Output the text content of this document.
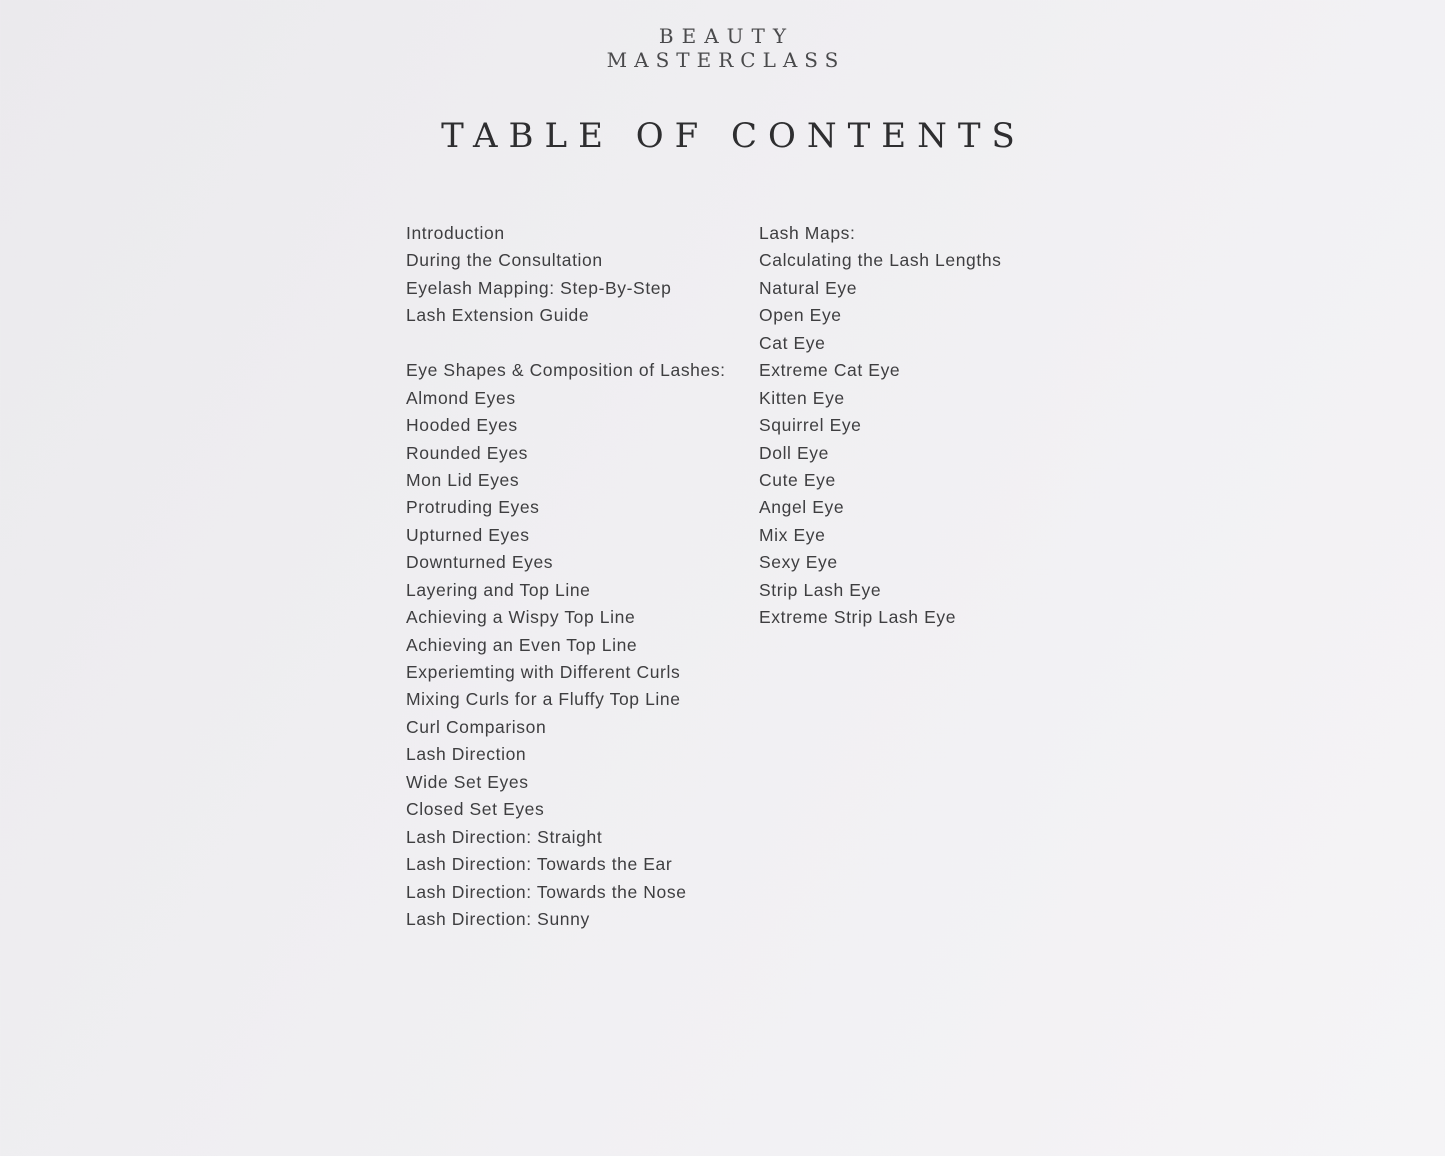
BEAUTY
MASTERCLASS
TABLE OF CONTENTS
Introduction
During the Consultation
Eyelash Mapping: Step-By-Step
Lash Extension Guide
Eye Shapes & Composition of Lashes:
Almond Eyes
Hooded Eyes
Rounded Eyes
Mon Lid Eyes
Protruding Eyes
Upturned Eyes
Downturned Eyes
Layering and Top Line
Achieving a Wispy Top Line
Achieving an Even Top Line
Experiemting with Different Curls
Mixing Curls for a Fluffy Top Line
Curl Comparison
Lash Direction
Wide Set Eyes
Closed Set Eyes
Lash Direction: Straight
Lash Direction: Towards the Ear
Lash Direction: Towards the Nose
Lash Direction: Sunny
Lash Maps:
Calculating the Lash Lengths
Natural Eye
Open Eye
Cat Eye
Extreme Cat Eye
Kitten Eye
Squirrel Eye
Doll Eye
Cute Eye
Angel Eye
Mix Eye
Sexy Eye
Strip Lash Eye
Extreme Strip Lash Eye
